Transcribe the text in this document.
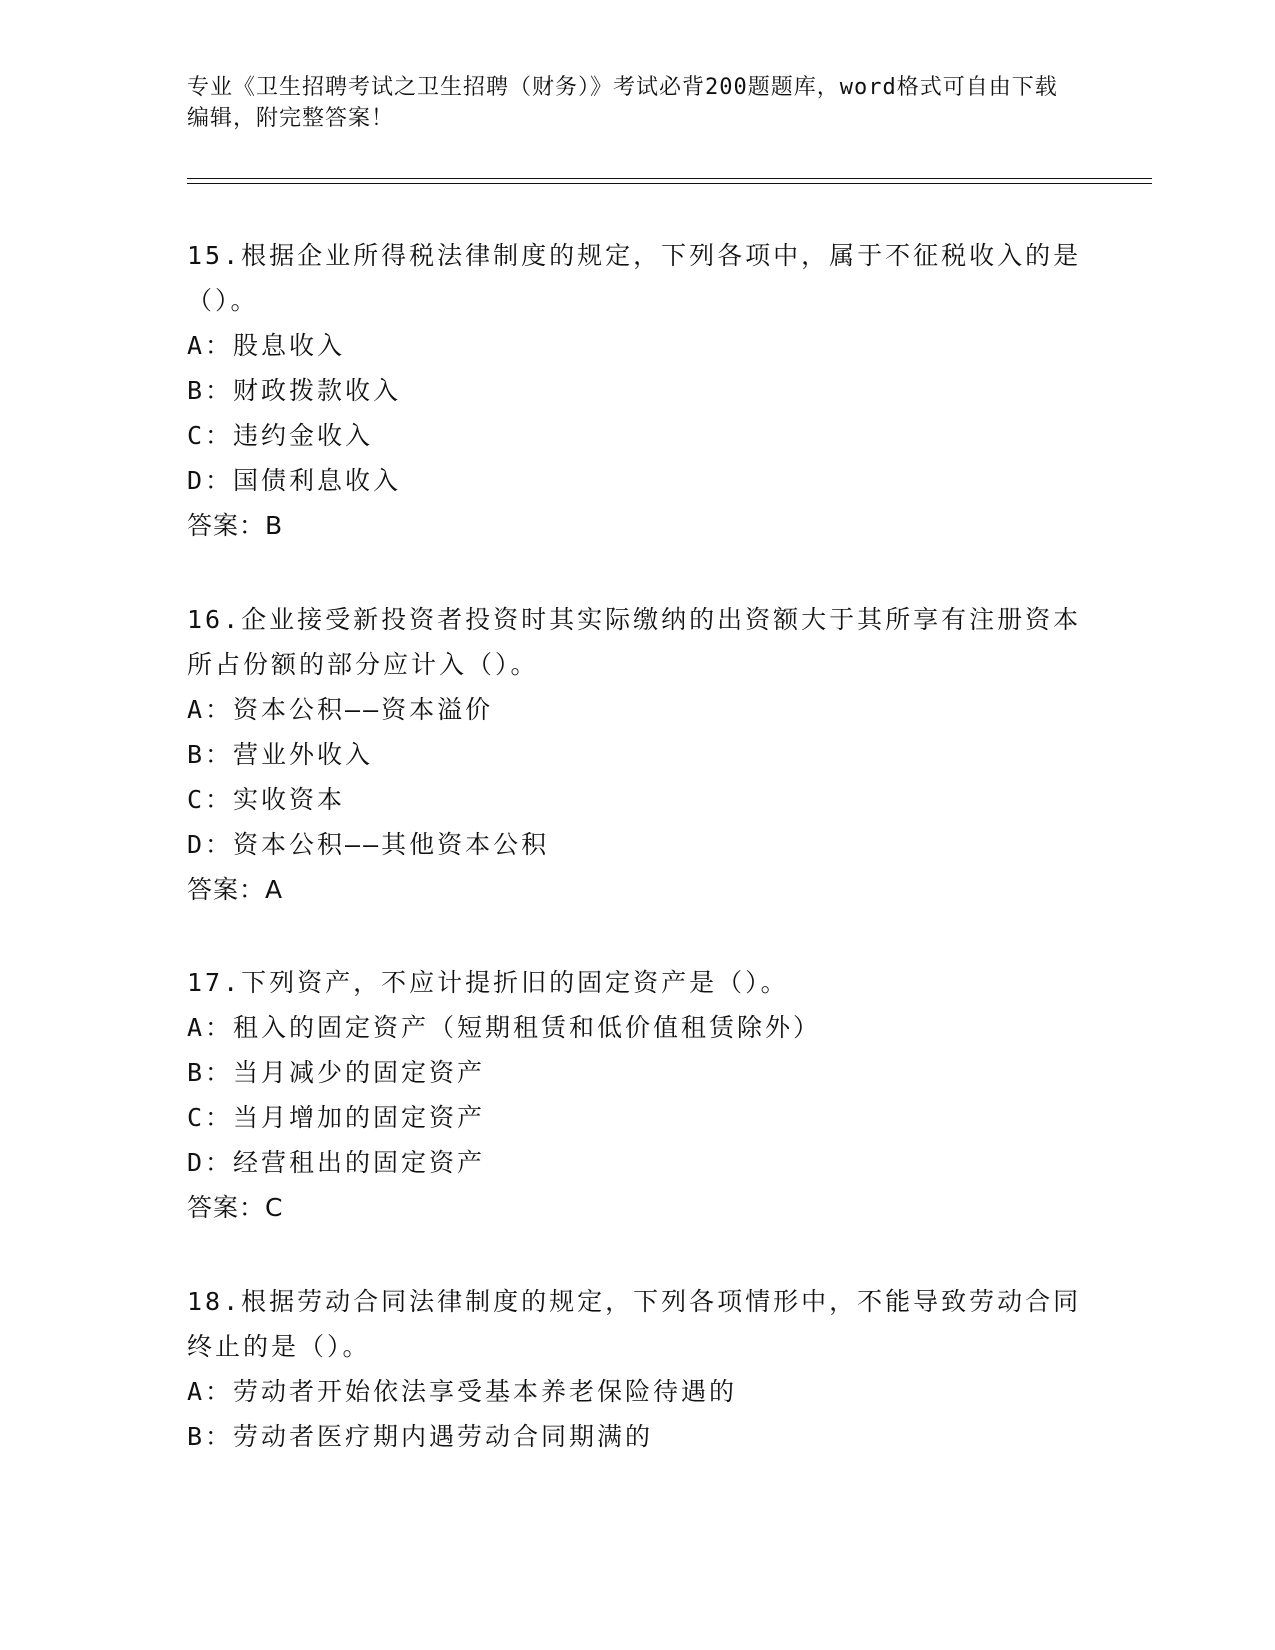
专业《卫生招聘考试之卫生招聘（财务）》考试必背200题题库，word格式可自由下载编辑，附完整答案！
15.根据企业所得税法律制度的规定，下列各项中，属于不征税收入的是（）。
A：股息收入
B：财政拨款收入
C：违约金收入
D：国债利息收入
答案：B
16.企业接受新投资者投资时其实际缴纳的出资额大于其所享有注册资本所占份额的部分应计入（）。
A：资本公积——资本溢价
B：营业外收入
C：实收资本
D：资本公积——其他资本公积
答案：A
17.下列资产，不应计提折旧的固定资产是（）。
A：租入的固定资产（短期租赁和低价值租赁除外）
B：当月减少的固定资产
C：当月增加的固定资产
D：经营租出的固定资产
答案：C
18.根据劳动合同法律制度的规定，下列各项情形中，不能导致劳动合同终止的是（）。
A：劳动者开始依法享受基本养老保险待遇的
B：劳动者医疗期内遇劳动合同期满的
